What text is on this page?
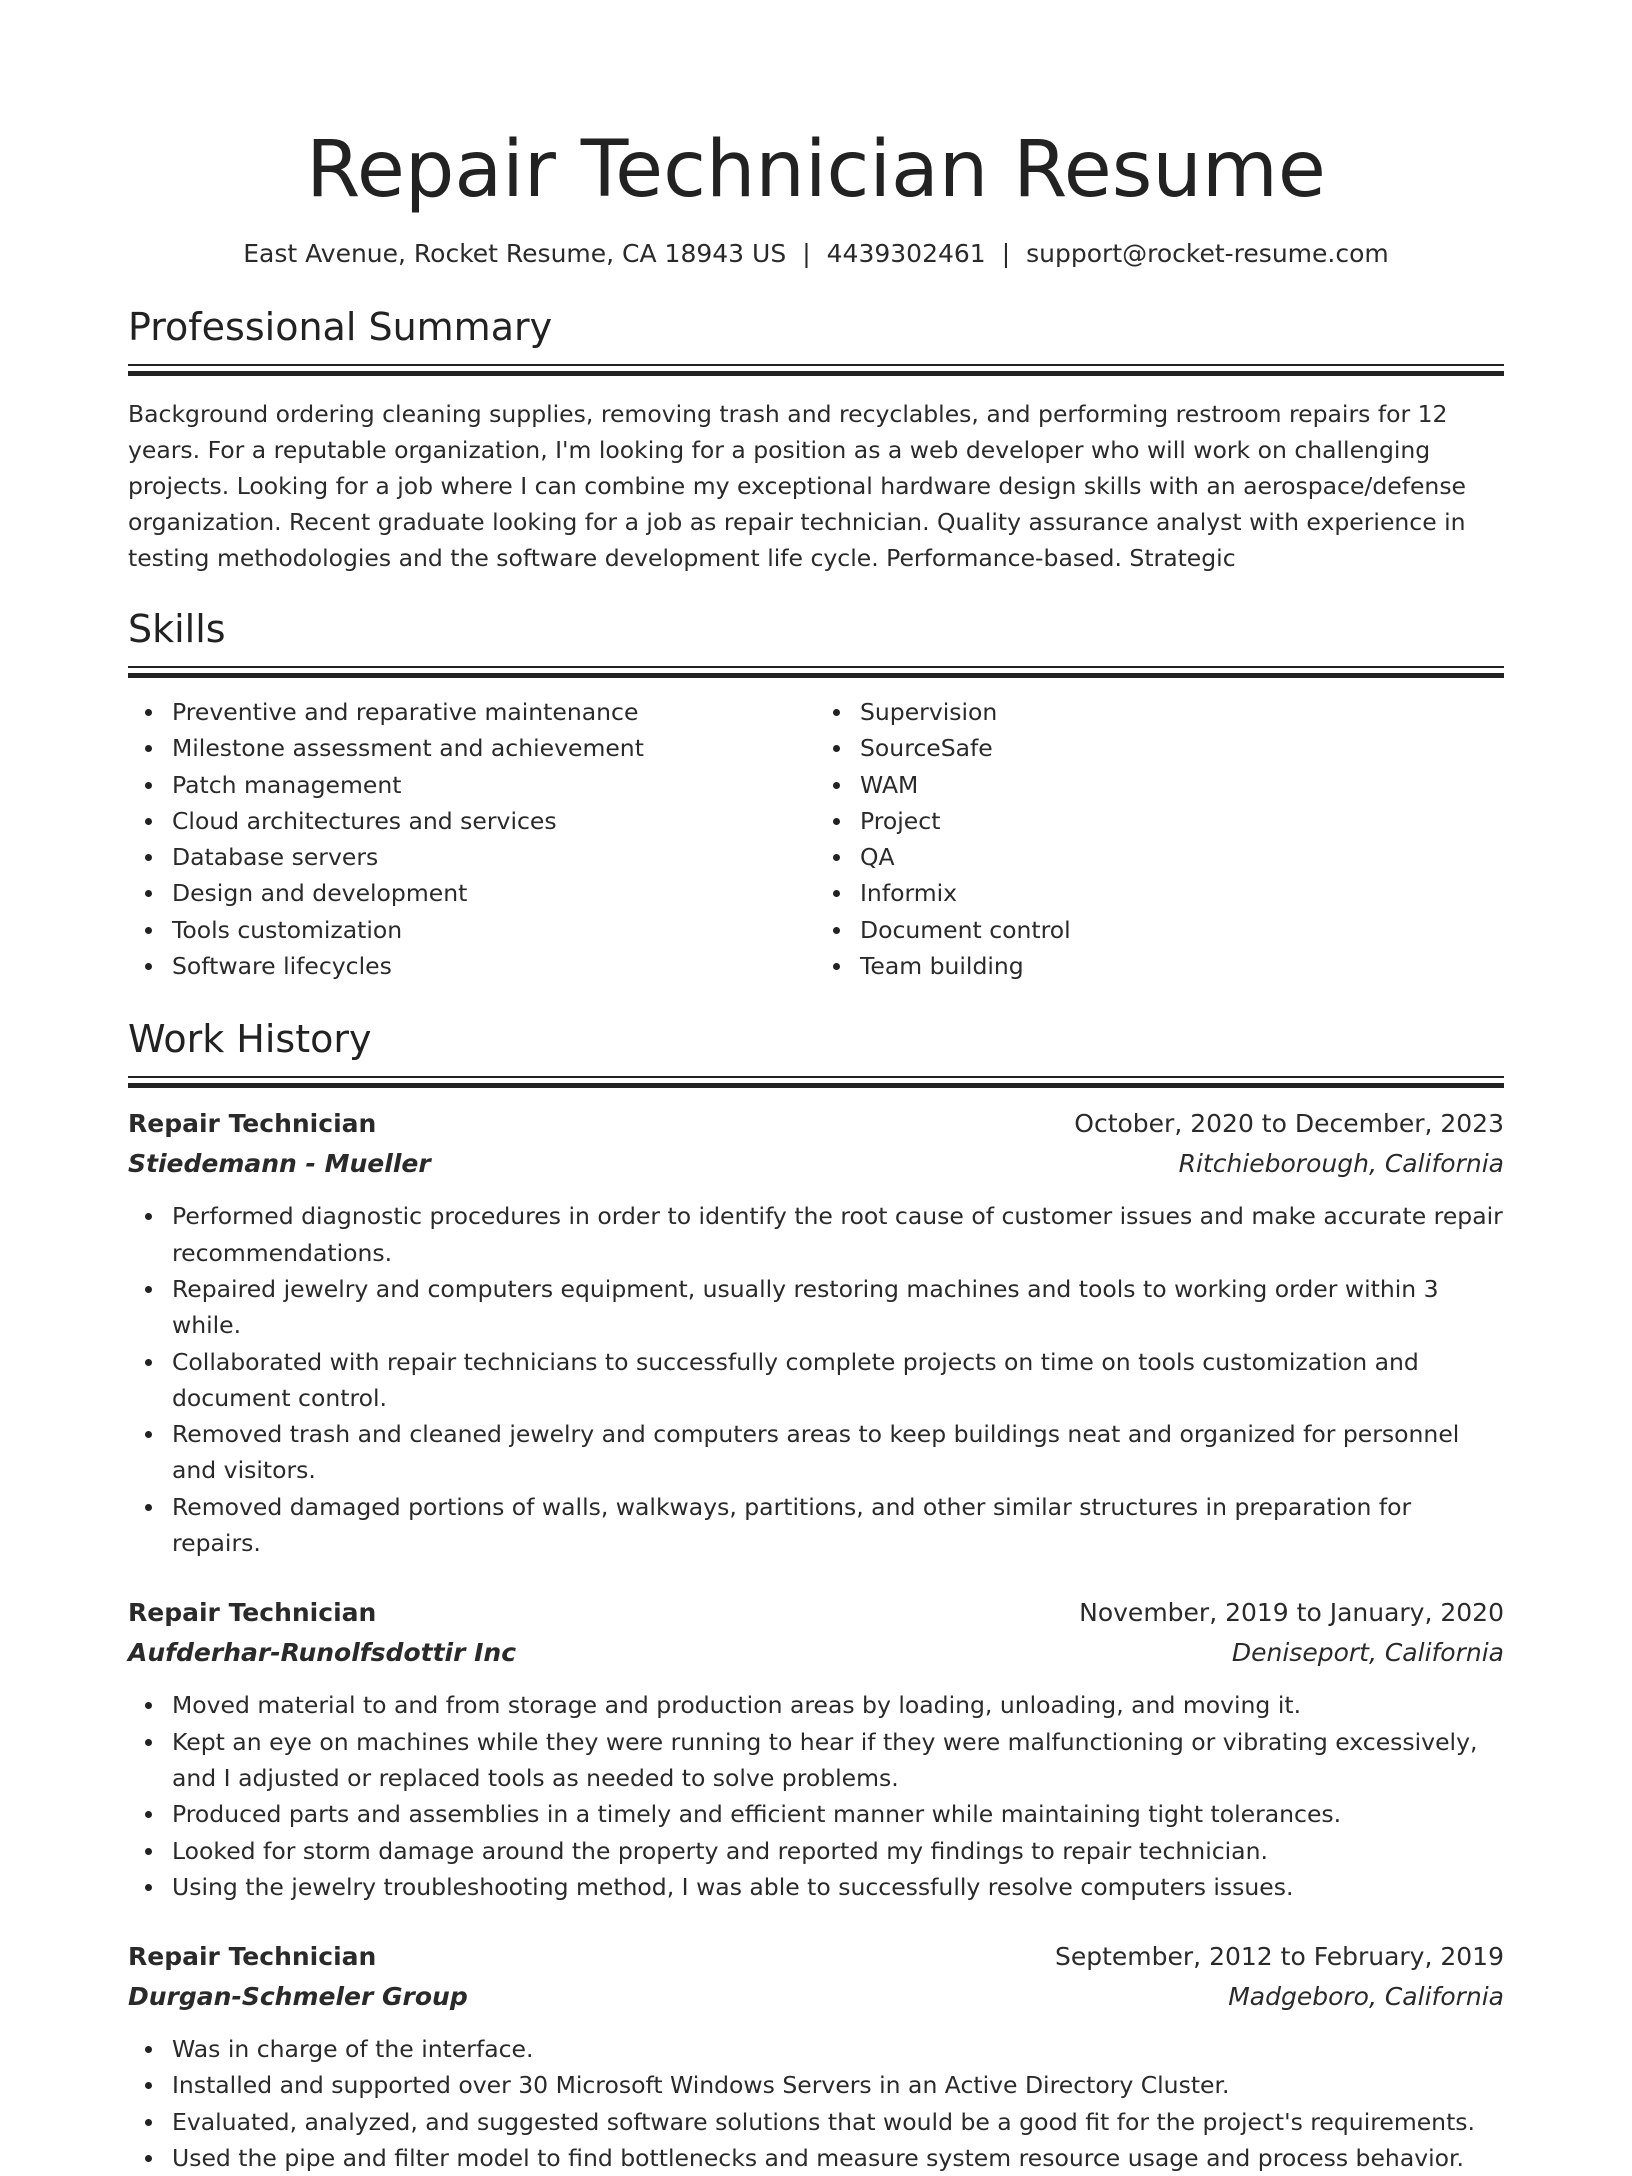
Repair Technician Resume
East Avenue, Rocket Resume, CA 18943 US | 4439302461 | support@rocket-resume.com
Professional Summary

Background ordering cleaning supplies, removing trash and recyclables, and performing restroom repairs for 12 years. For a reputable organization, I'm looking for a position as a web developer who will work on challenging projects. Looking for a job where I can combine my exceptional hardware design skills with an aerospace/defense organization. Recent graduate looking for a job as repair technician. Quality assurance analyst with experience in testing methodologies and the software development life cycle. Performance-based. Strategic

Skills
Preventive and reparative maintenance
Milestone assessment and achievement
Patch management
Cloud architectures and services
Database servers
Design and development
Tools customization
Software lifecycles
Supervision
SourceSafe
WAM
Project
QA
Informix
Document control
Team building
Work History
Repair Technician	October, 2020 to December, 2023
Stiedemann - Mueller	Ritchieborough, California
Performed diagnostic procedures in order to identify the root cause of customer issues and make accurate repair recommendations.
Repaired jewelry and computers equipment, usually restoring machines and tools to working order within 3 while.
Collaborated with repair technicians to successfully complete projects on time on tools customization and document control.
Removed trash and cleaned jewelry and computers areas to keep buildings neat and organized for personnel and visitors.
Removed damaged portions of walls, walkways, partitions, and other similar structures in preparation for repairs.
Repair Technician	November, 2019 to January, 2020
Aufderhar-Runolfsdottir Inc	Deniseport, California
Moved material to and from storage and production areas by loading, unloading, and moving it.
Kept an eye on machines while they were running to hear if they were malfunctioning or vibrating excessively, and I adjusted or replaced tools as needed to solve problems.
Produced parts and assemblies in a timely and efficient manner while maintaining tight tolerances.
Looked for storm damage around the property and reported my findings to repair technician.
Using the jewelry troubleshooting method, I was able to successfully resolve computers issues.
Repair Technician	September, 2012 to February, 2019
Durgan-Schmeler Group	Madgeboro, California
Was in charge of the interface.
Installed and supported over 30 Microsoft Windows Servers in an Active Directory Cluster.
Evaluated, analyzed, and suggested software solutions that would be a good fit for the project's requirements.
Used the pipe and filter model to find bottlenecks and measure system resource usage and process behavior.
